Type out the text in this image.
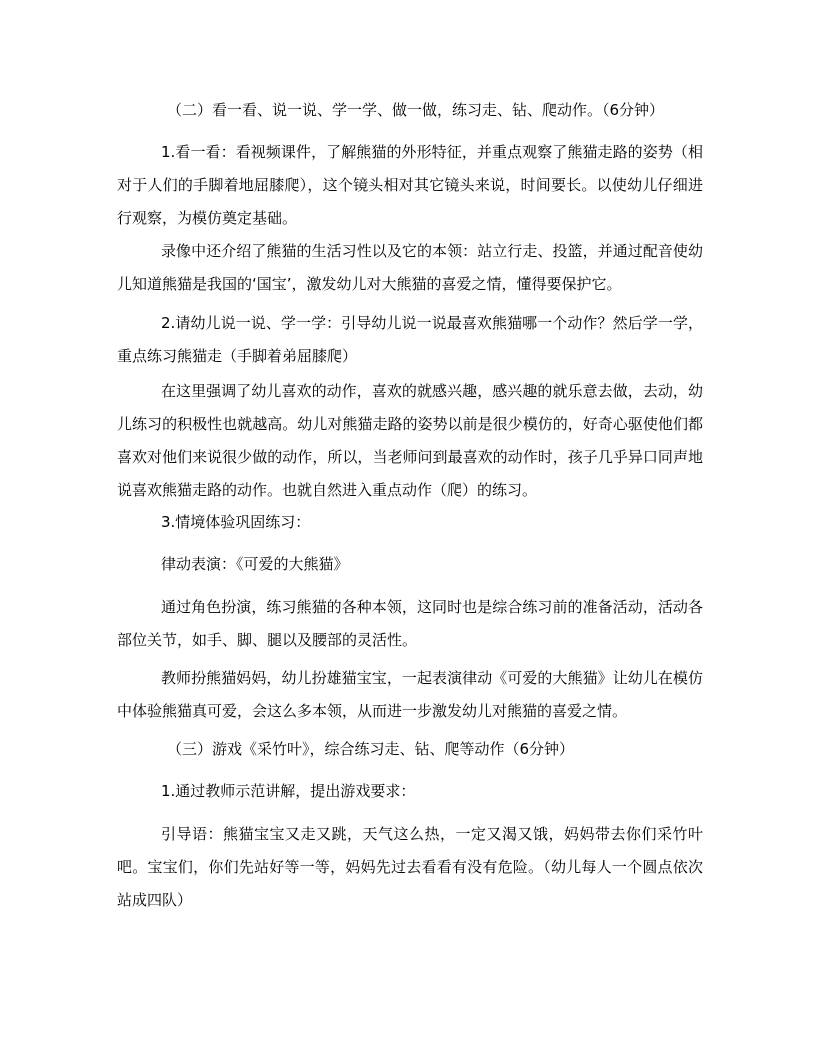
（二）看一看、说一说、学一学、做一做，练习走、钻、爬动作。（6分钟）

1.看一看：看视频课件，了解熊猫的外形特征，并重点观察了熊猫走路的姿势（相对于人们的手脚着地屈膝爬），这个镜头相对其它镜头来说，时间要长。以使幼儿仔细进行观察，为模仿奠定基础。

录像中还介绍了熊猫的生活习性以及它的本领：站立行走、投篮，并通过配音使幼儿知道熊猫是我国的‘国宝’，激发幼儿对大熊猫的喜爱之情，懂得要保护它。

2.请幼儿说一说、学一学：引导幼儿说一说最喜欢熊猫哪一个动作？然后学一学，重点练习熊猫走（手脚着弟屈膝爬）

在这里强调了幼儿喜欢的动作，喜欢的就感兴趣，感兴趣的就乐意去做，去动，幼儿练习的积极性也就越高。幼儿对熊猫走路的姿势以前是很少模仿的，好奇心驱使他们都喜欢对他们来说很少做的动作，所以，当老师问到最喜欢的动作时，孩子几乎异口同声地说喜欢熊猫走路的动作。也就自然进入重点动作（爬）的练习。

3.情境体验巩固练习：

律动表演：《可爱的大熊猫》

通过角色扮演，练习熊猫的各种本领，这同时也是综合练习前的准备活动，活动各部位关节，如手、脚、腿以及腰部的灵活性。

教师扮熊猫妈妈，幼儿扮雄猫宝宝，一起表演律动《可爱的大熊猫》让幼儿在模仿中体验熊猫真可爱，会这么多本领，从而进一步激发幼儿对熊猫的喜爱之情。

（三）游戏《采竹叶》，综合练习走、钻、爬等动作（6分钟）

1.通过教师示范讲解，提出游戏要求：

引导语：熊猫宝宝又走又跳，天气这么热，一定又渴又饿，妈妈带去你们采竹叶吧。宝宝们，你们先站好等一等，妈妈先过去看看有没有危险。（幼儿每人一个圆点依次站成四队）
